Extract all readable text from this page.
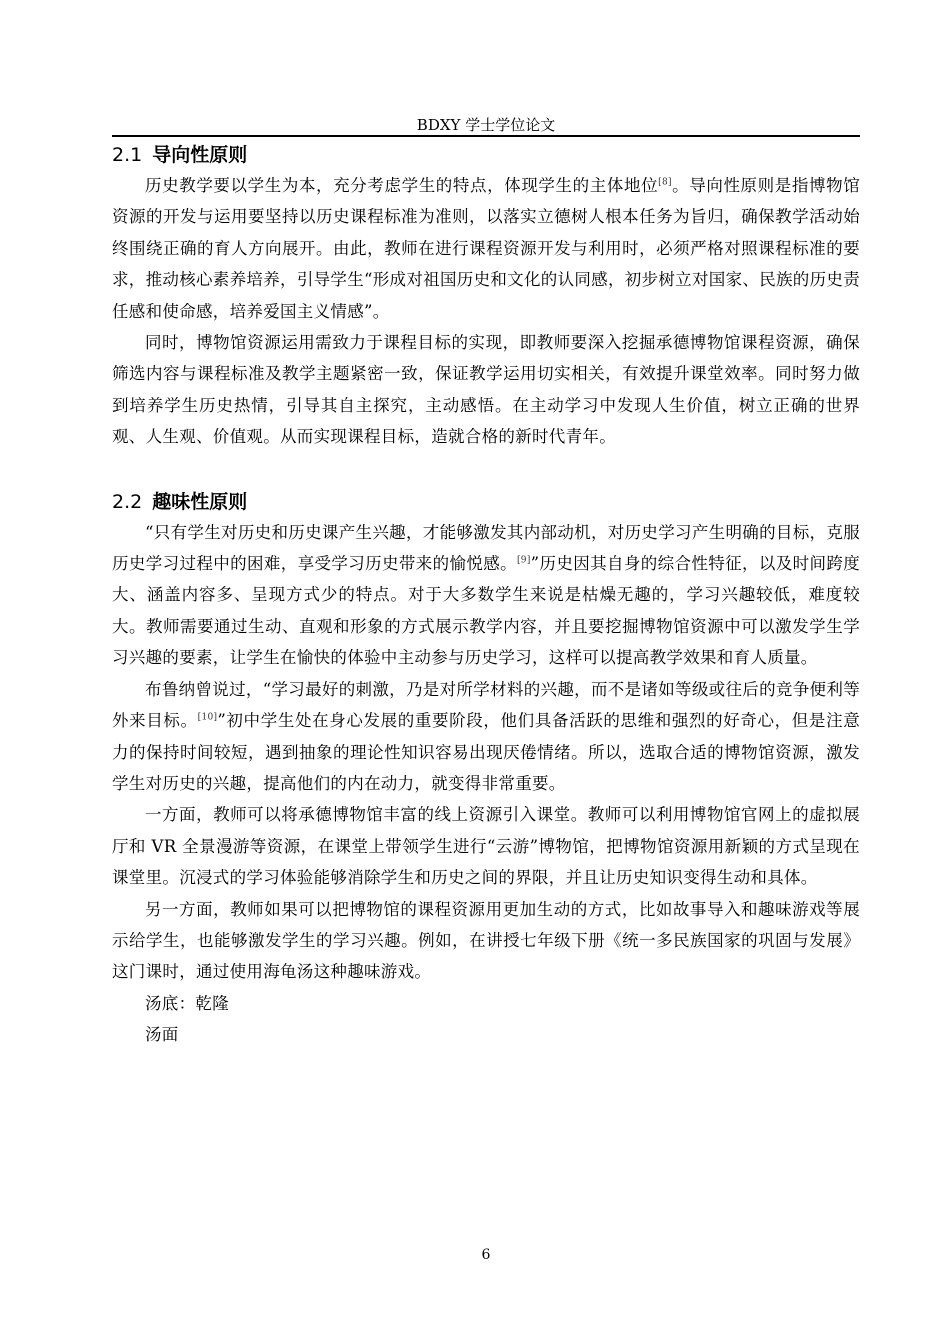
BDXY 学士学位论文
2.1 导向性原则

历史教学要以学生为本，充分考虑学生的特点，体现学生的主体地位[8]。导向性原则是指博物馆资源的开发与运用要坚持以历史课程标准为准则，以落实立德树人根本任务为旨归，确保教学活动始终围绕正确的育人方向展开。由此，教师在进行课程资源开发与利用时，必须严格对照课程标准的要求，推动核心素养培养，引导学生“形成对祖国历史和文化的认同感，初步树立对国家、民族的历史责任感和使命感，培养爱国主义情感”。

同时，博物馆资源运用需致力于课程目标的实现，即教师要深入挖掘承德博物馆课程资源，确保筛选内容与课程标准及教学主题紧密一致，保证教学运用切实相关，有效提升课堂效率。同时努力做到培养学生历史热情，引导其自主探究，主动感悟。在主动学习中发现人生价值，树立正确的世界观、人生观、价值观。从而实现课程目标，造就合格的新时代青年。

2.2 趣味性原则

“只有学生对历史和历史课产生兴趣，才能够激发其内部动机，对历史学习产生明确的目标，克服历史学习过程中的困难，享受学习历史带来的愉悦感。[9]”历史因其自身的综合性特征，以及时间跨度大、涵盖内容多、呈现方式少的特点。对于大多数学生来说是枯燥无趣的，学习兴趣较低，难度较大。教师需要通过生动、直观和形象的方式展示教学内容，并且要挖掘博物馆资源中可以激发学生学习兴趣的要素，让学生在愉快的体验中主动参与历史学习，这样可以提高教学效果和育人质量。

布鲁纳曾说过，“学习最好的刺激，乃是对所学材料的兴趣，而不是诸如等级或往后的竞争便利等外来目标。[10]”初中学生处在身心发展的重要阶段，他们具备活跃的思维和强烈的好奇心，但是注意力的保持时间较短，遇到抽象的理论性知识容易出现厌倦情绪。所以，选取合适的博物馆资源，激发学生对历史的兴趣，提高他们的内在动力，就变得非常重要。

一方面，教师可以将承德博物馆丰富的线上资源引入课堂。教师可以利用博物馆官网上的虚拟展厅和 VR 全景漫游等资源，在课堂上带领学生进行“云游”博物馆，把博物馆资源用新颖的方式呈现在课堂里。沉浸式的学习体验能够消除学生和历史之间的界限，并且让历史知识变得生动和具体。

另一方面，教师如果可以把博物馆的课程资源用更加生动的方式，比如故事导入和趣味游戏等展示给学生，也能够激发学生的学习兴趣。例如，在讲授七年级下册《统一多民族国家的巩固与发展》这门课时，通过使用海龟汤这种趣味游戏。

汤底：乾隆

汤面

6
